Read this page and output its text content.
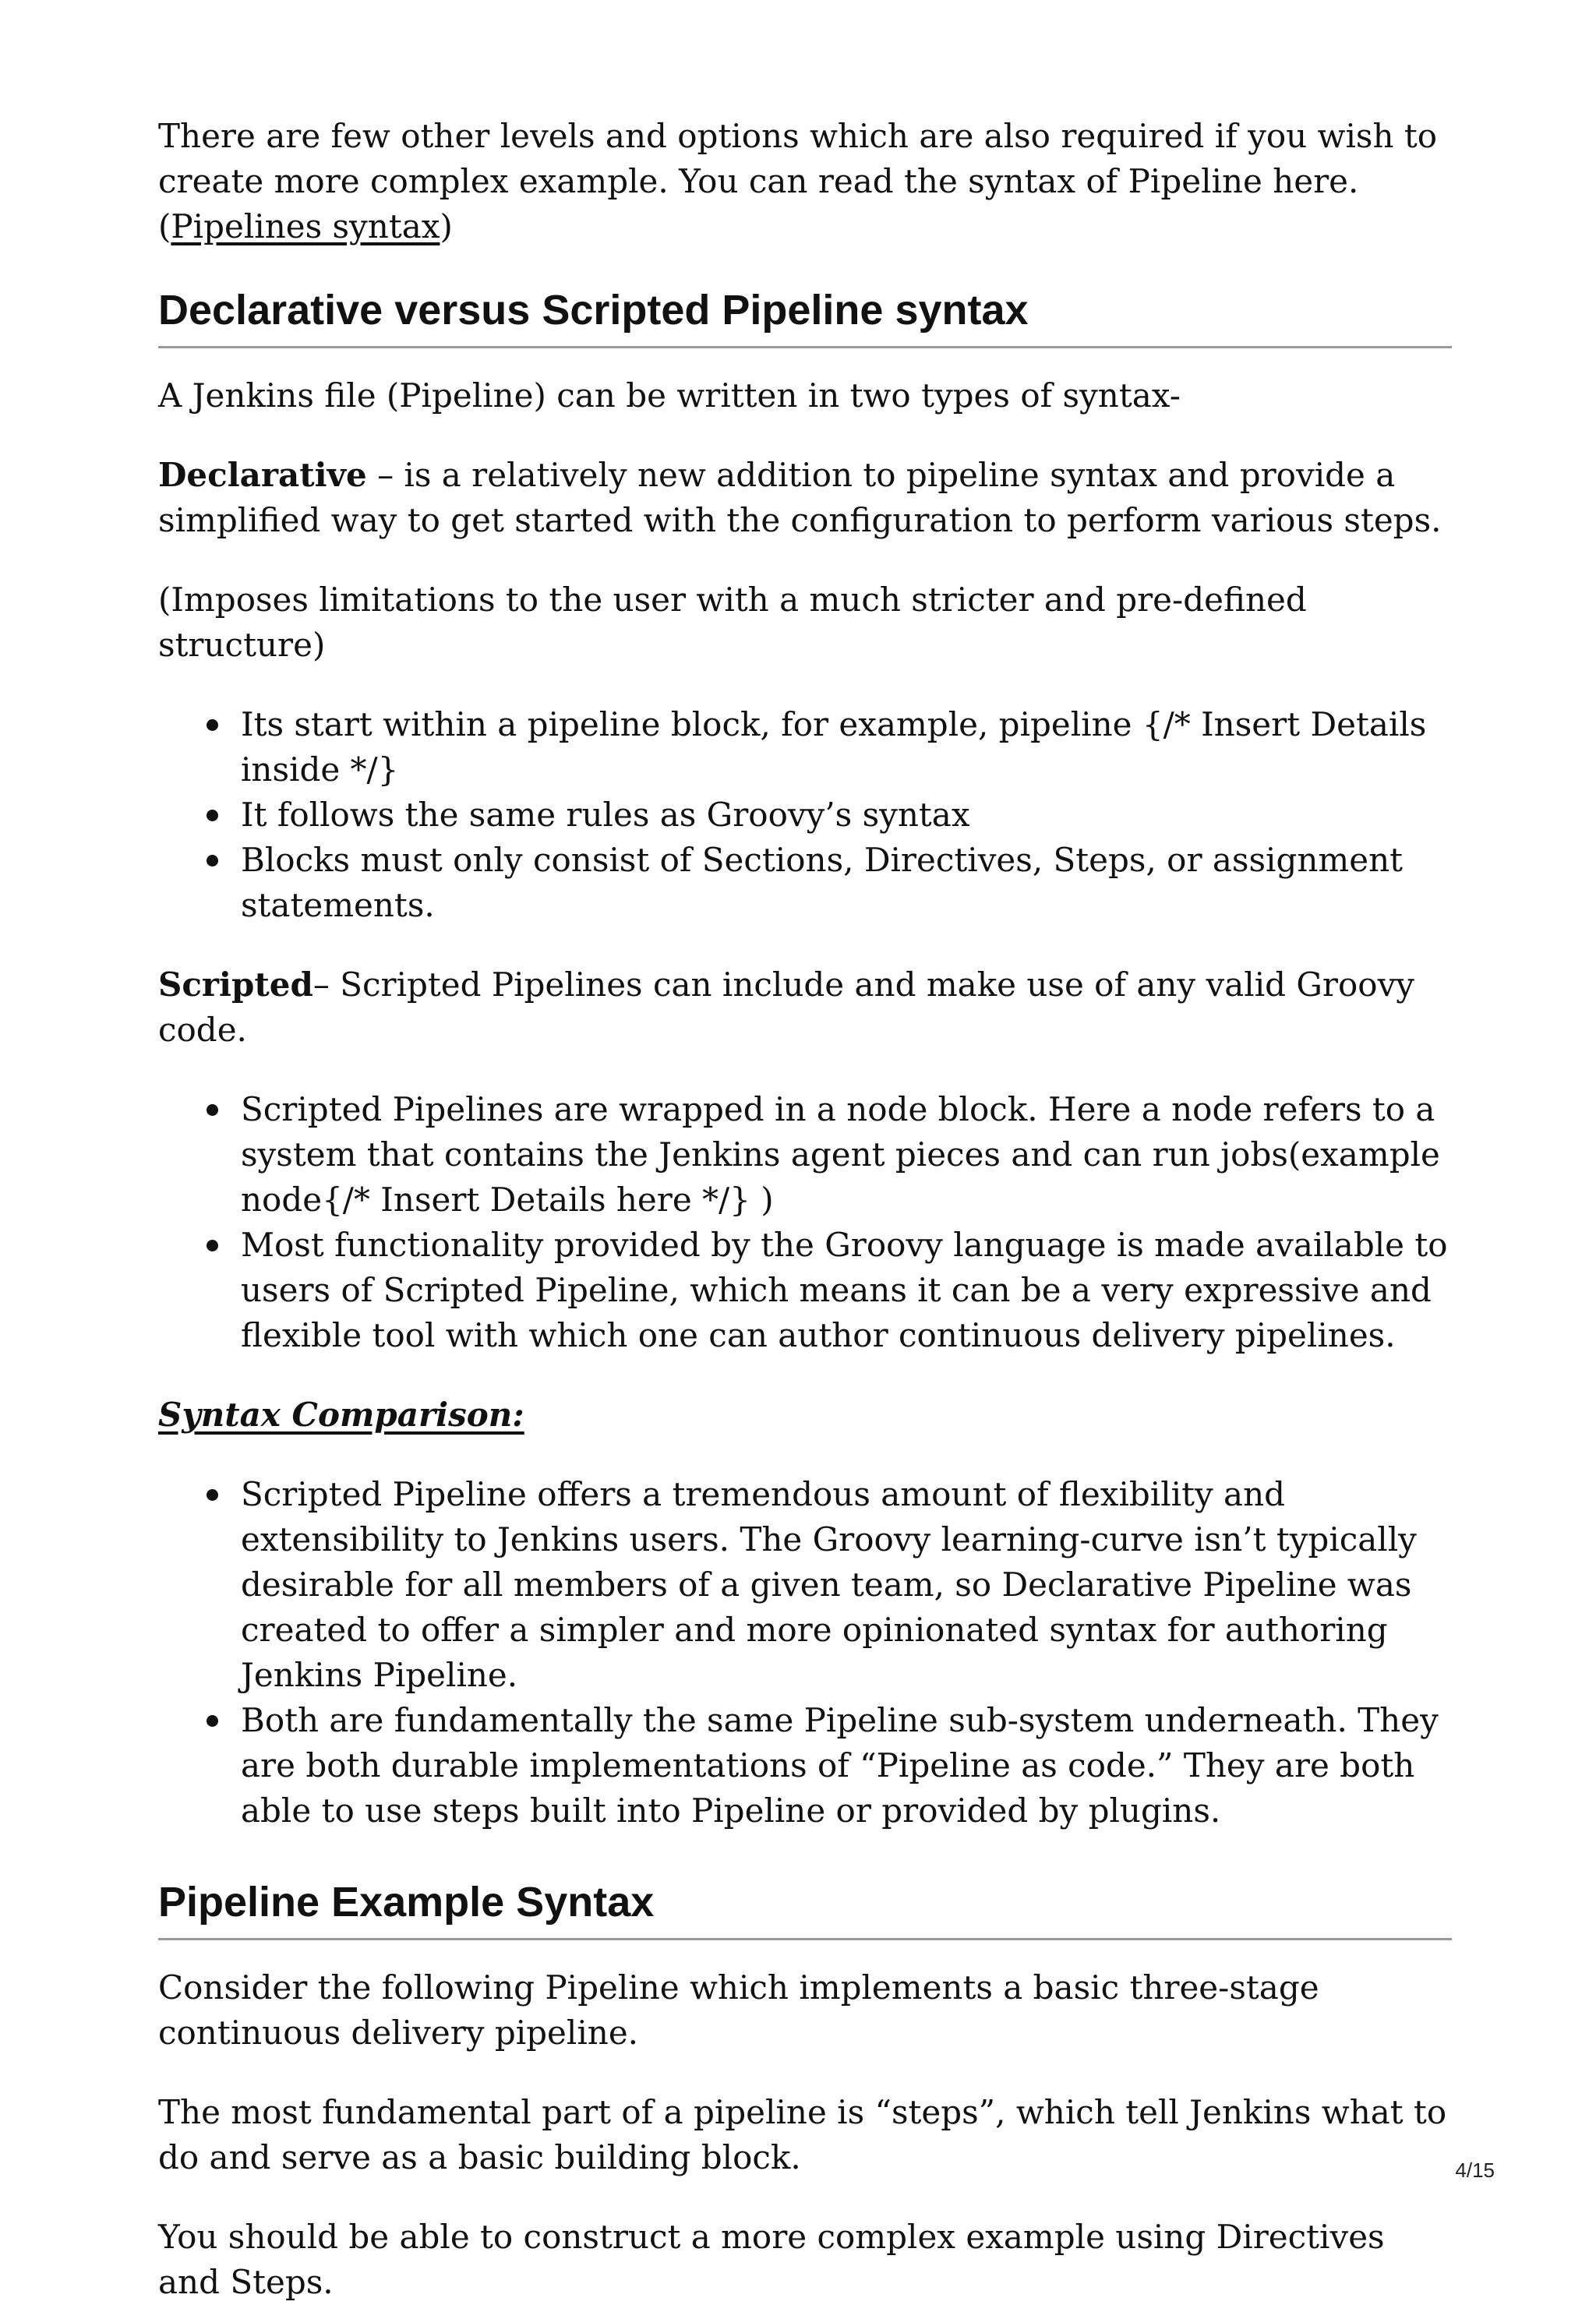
There are few other levels and options which are also required if you wish to create more complex example. You can read the syntax of Pipeline here. (Pipelines syntax)

Declarative versus Scripted Pipeline syntax

A Jenkins file (Pipeline) can be written in two types of syntax-

Declarative – is a relatively new addition to pipeline syntax and provide a simplified way to get started with the configuration to perform various steps.

(Imposes limitations to the user with a much stricter and pre-defined structure)

Its start within a pipeline block, for example, pipeline {/* Insert Details inside */}
It follows the same rules as Groovy’s syntax
Blocks must only consist of Sections, Directives, Steps, or assignment statements.

Scripted– Scripted Pipelines can include and make use of any valid Groovy code.

Scripted Pipelines are wrapped in a node block. Here a node refers to a system that contains the Jenkins agent pieces and can run jobs(example node{/* Insert Details here */} )
Most functionality provided by the Groovy language is made available to users of Scripted Pipeline, which means it can be a very expressive and flexible tool with which one can author continuous delivery pipelines.

Syntax Comparison:

Scripted Pipeline offers a tremendous amount of flexibility and extensibility to Jenkins users. The Groovy learning-curve isn’t typically desirable for all members of a given team, so Declarative Pipeline was created to offer a simpler and more opinionated syntax for authoring Jenkins Pipeline.
Both are fundamentally the same Pipeline sub-system underneath. They are both durable implementations of “Pipeline as code.” They are both able to use steps built into Pipeline or provided by plugins.
Pipeline Example Syntax

Consider the following Pipeline which implements a basic three-stage continuous delivery pipeline.

The most fundamental part of a pipeline is “steps”, which tell Jenkins what to do and serve as a basic building block.

You should be able to construct a more complex example using Directives and Steps.

4/15
